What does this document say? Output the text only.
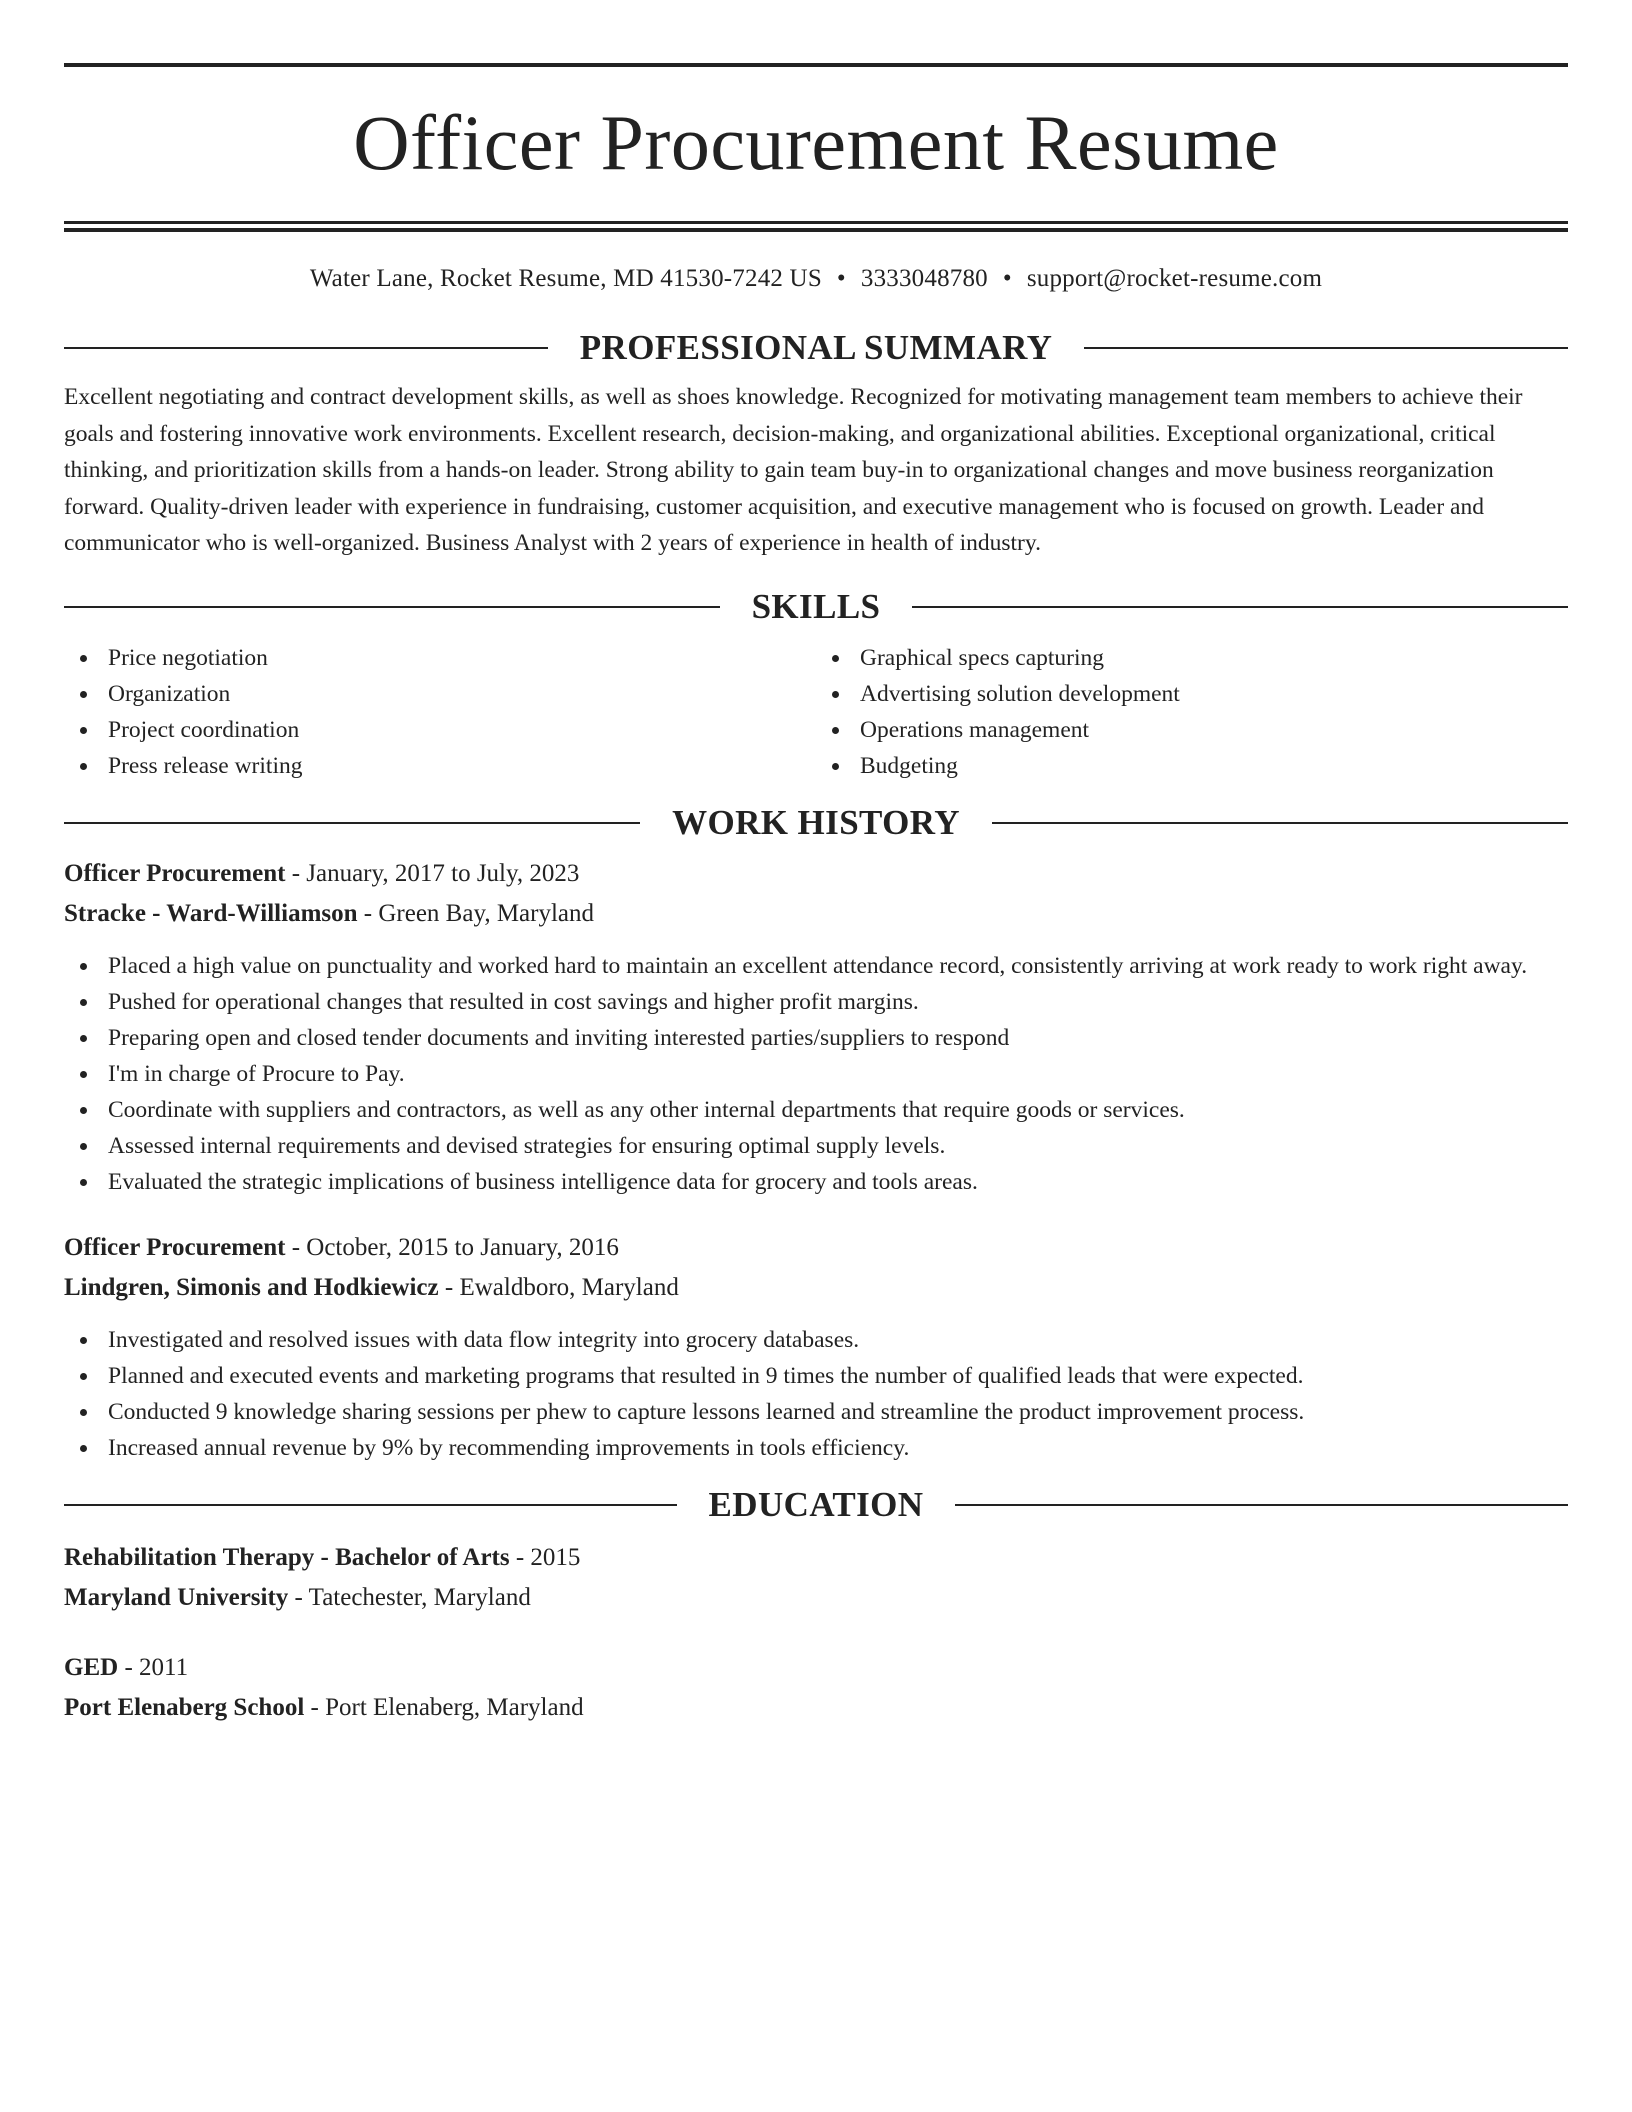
Officer Procurement Resume
Water Lane, Rocket Resume, MD 41530-7242 US • 3333048780 • support@rocket-resume.com
PROFESSIONAL SUMMARY

Excellent negotiating and contract development skills, as well as shoes knowledge. Recognized for motivating management team members to achieve their goals and fostering innovative work environments. Excellent research, decision-making, and organizational abilities. Exceptional organizational, critical thinking, and prioritization skills from a hands-on leader. Strong ability to gain team buy-in to organizational changes and move business reorganization forward. Quality-driven leader with experience in fundraising, customer acquisition, and executive management who is focused on growth. Leader and communicator who is well-organized. Business Analyst with 2 years of experience in health of industry.

SKILLS
Price negotiation
Organization
Project coordination
Press release writing
Graphical specs capturing
Advertising solution development
Operations management
Budgeting
WORK HISTORY
Officer Procurement - January, 2017 to July, 2023
Stracke - Ward-Williamson - Green Bay, Maryland
Placed a high value on punctuality and worked hard to maintain an excellent attendance record, consistently arriving at work ready to work right away.
Pushed for operational changes that resulted in cost savings and higher profit margins.
Preparing open and closed tender documents and inviting interested parties/suppliers to respond
I'm in charge of Procure to Pay.
Coordinate with suppliers and contractors, as well as any other internal departments that require goods or services.
Assessed internal requirements and devised strategies for ensuring optimal supply levels.
Evaluated the strategic implications of business intelligence data for grocery and tools areas.
Officer Procurement - October, 2015 to January, 2016
Lindgren, Simonis and Hodkiewicz - Ewaldboro, Maryland
Investigated and resolved issues with data flow integrity into grocery databases.
Planned and executed events and marketing programs that resulted in 9 times the number of qualified leads that were expected.
Conducted 9 knowledge sharing sessions per phew to capture lessons learned and streamline the product improvement process.
Increased annual revenue by 9% by recommending improvements in tools efficiency.
EDUCATION
Rehabilitation Therapy - Bachelor of Arts - 2015
Maryland University - Tatechester, Maryland
GED - 2011
Port Elenaberg School - Port Elenaberg, Maryland
